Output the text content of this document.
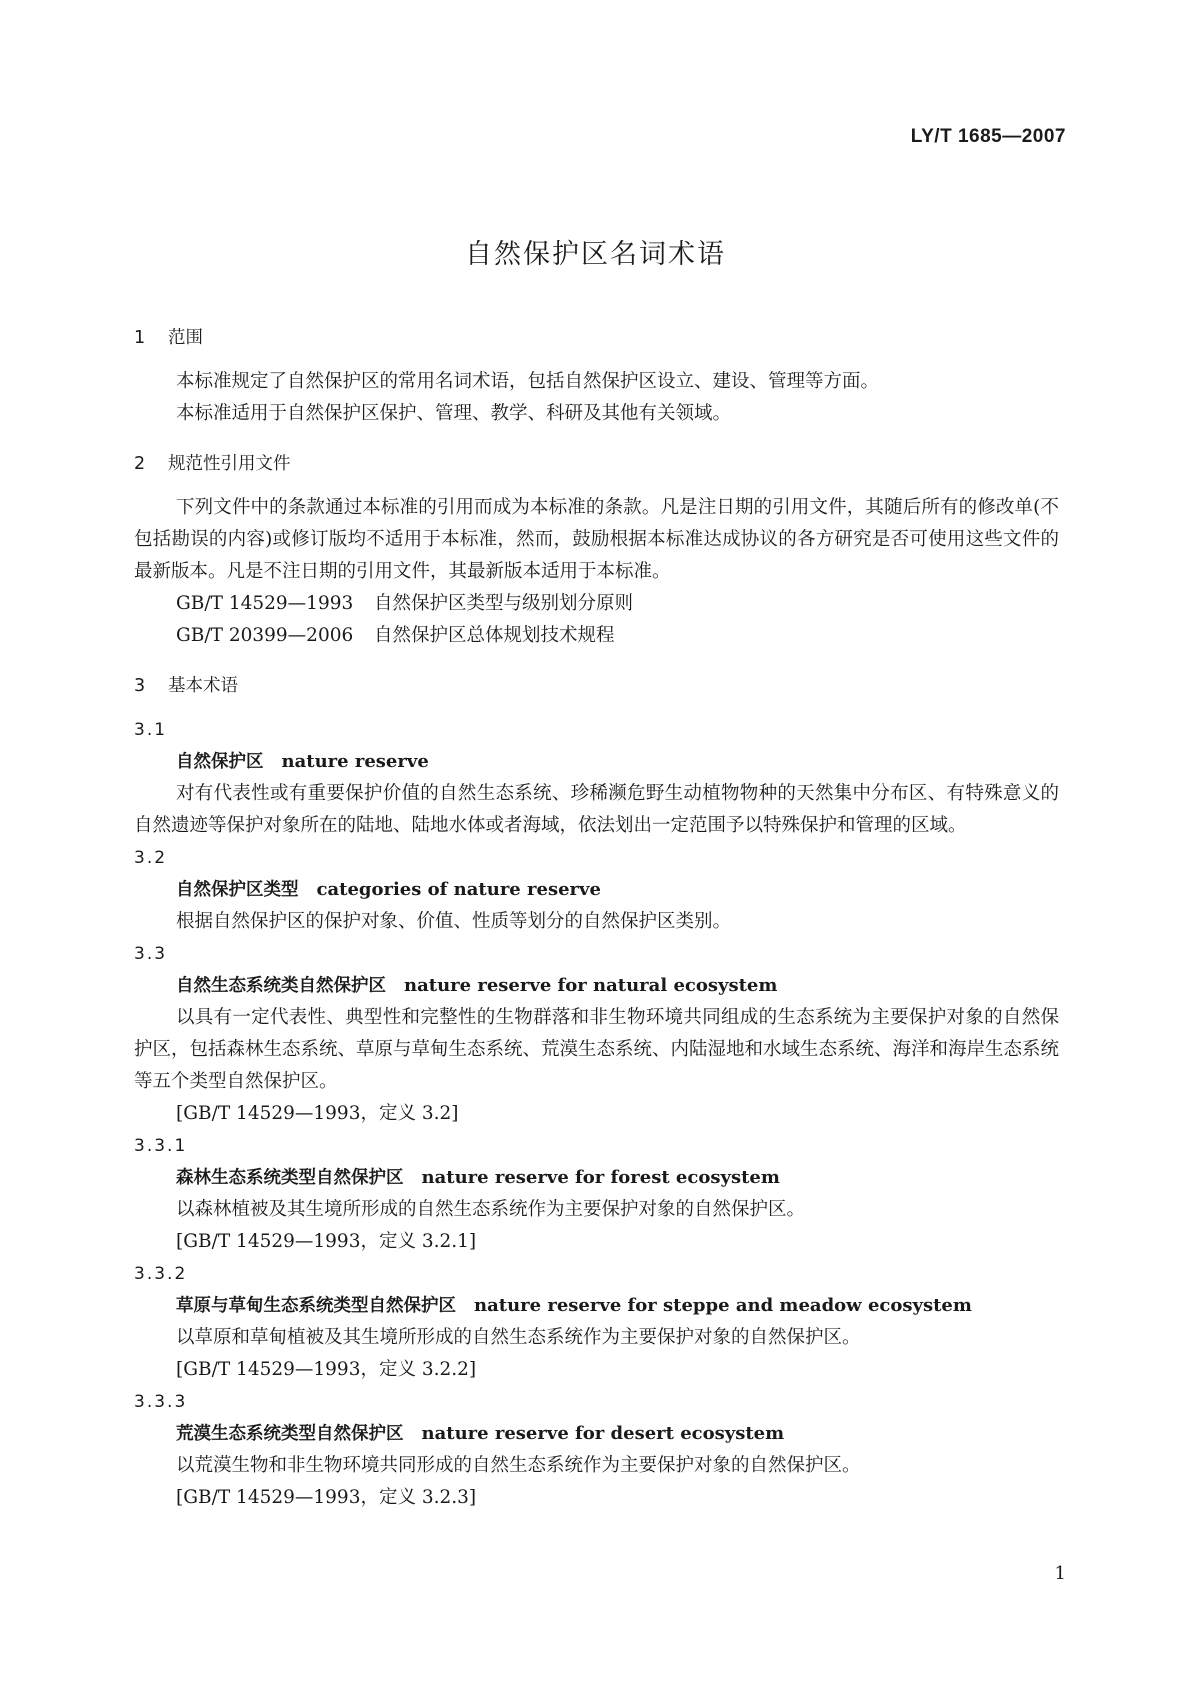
LY/T 1685—2007
自然保护区名词术语

1 范围

本标准规定了自然保护区的常用名词术语，包括自然保护区设立、建设、管理等方面。

本标准适用于自然保护区保护、管理、教学、科研及其他有关领域。

2 规范性引用文件

下列文件中的条款通过本标准的引用而成为本标准的条款。凡是注日期的引用文件，其随后所有的修改单(不包括勘误的内容)或修订版均不适用于本标准，然而，鼓励根据本标准达成协议的各方研究是否可使用这些文件的最新版本。凡是不注日期的引用文件，其最新版本适用于本标准。

GB/T 14529—1993 自然保护区类型与级别划分原则

GB/T 20399—2006 自然保护区总体规划技术规程

3 基本术语

3.1

自然保护区 nature reserve

对有代表性或有重要保护价值的自然生态系统、珍稀濒危野生动植物物种的天然集中分布区、有特殊意义的自然遗迹等保护对象所在的陆地、陆地水体或者海域，依法划出一定范围予以特殊保护和管理的区域。

3.2

自然保护区类型 categories of nature reserve

根据自然保护区的保护对象、价值、性质等划分的自然保护区类别。

3.3

自然生态系统类自然保护区 nature reserve for natural ecosystem

以具有一定代表性、典型性和完整性的生物群落和非生物环境共同组成的生态系统为主要保护对象的自然保护区，包括森林生态系统、草原与草甸生态系统、荒漠生态系统、内陆湿地和水域生态系统、海洋和海岸生态系统等五个类型自然保护区。

[GB/T 14529—1993，定义 3.2]

3.3.1

森林生态系统类型自然保护区 nature reserve for forest ecosystem

以森林植被及其生境所形成的自然生态系统作为主要保护对象的自然保护区。

[GB/T 14529—1993，定义 3.2.1]

3.3.2

草原与草甸生态系统类型自然保护区 nature reserve for steppe and meadow ecosystem

以草原和草甸植被及其生境所形成的自然生态系统作为主要保护对象的自然保护区。

[GB/T 14529—1993，定义 3.2.2]

3.3.3

荒漠生态系统类型自然保护区 nature reserve for desert ecosystem

以荒漠生物和非生物环境共同形成的自然生态系统作为主要保护对象的自然保护区。

[GB/T 14529—1993，定义 3.2.3]

1
